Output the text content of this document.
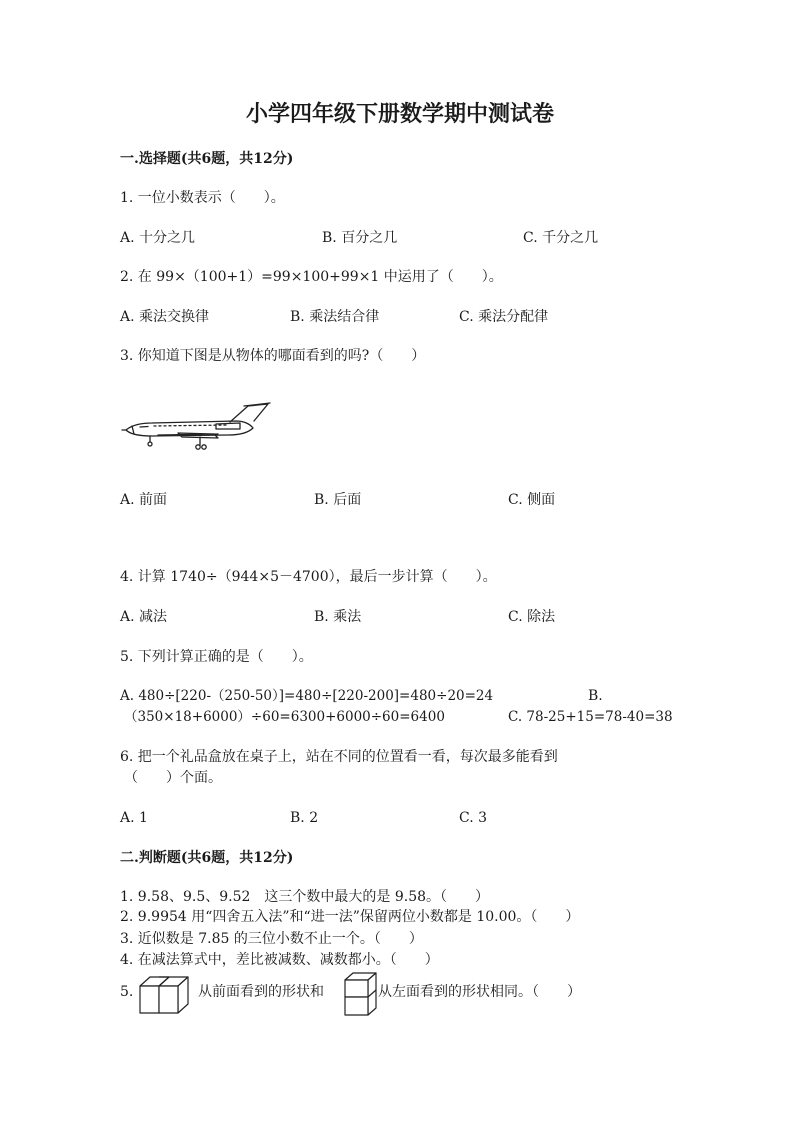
小学四年级下册数学期中测试卷
一.选择题(共6题，共12分)
1. 一位小数表示（　　）。
A. 十分之几	B. 百分之几	C. 千分之几
2. 在 99×（100+1）=99×100+99×1 中运用了（　　）。
A. 乘法交换律	B. 乘法结合律	C. 乘法分配律
3. 你知道下图是从物体的哪面看到的吗?（　　）
A. 前面	B. 后面	C. 侧面
4. 计算 1740÷（944×5－4700），最后一步计算（　　）。
A. 减法	B. 乘法	C. 除法
5. 下列计算正确的是（　　）。
A. 480÷[220-（250-50）]=480÷[220-200]=480÷20=24	B.
（350×18+6000）÷60=6300+6000÷60=6400	C. 78-25+15=78-40=38
6. 把一个礼品盒放在桌子上，站在不同的位置看一看，每次最多能看到
（　　）个面。
A. 1	B. 2	C. 3
二.判断题(共6题，共12分)
1. 9.58、9.5、9.52　这三个数中最大的是 9.58。（　　）
2. 9.9954 用“四舍五入法”和“进一法”保留两位小数都是 10.00。（　　）
3. 近似数是 7.85 的三位小数不止一个。（　　）
4. 在减法算式中，差比被减数、减数都小。（　　）
5.	从前面看到的形状和	从左面看到的形状相同。（　　）
